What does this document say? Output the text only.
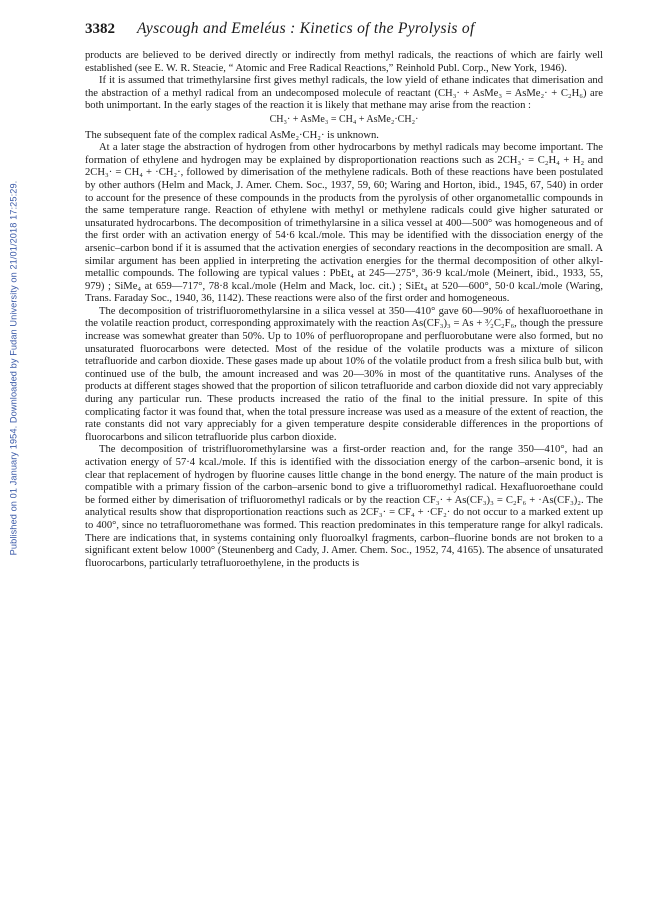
Published on 01 January 1954. Downloaded by Fudan University on 21/01/2018 17:25:29.
3382 Ayscough and Emeléus : Kinetics of the Pyrolysis of

products are believed to be derived directly or indirectly from methyl radicals, the reactions of which are fairly well established (see E. W. R. Steacie, “ Atomic and Free Radical Reactions,” Reinhold Publ. Corp., New York, 1946).

If it is assumed that trimethylarsine first gives methyl radicals, the low yield of ethane indicates that dimerisation and the abstraction of a methyl radical from an undecomposed molecule of reactant (CH₃· + AsMe₃ = AsMe₂· + C₂H₆) are both unimportant. In the early stages of the reaction it is likely that methane may arise from the reaction :

CH₃· + AsMe₃ = CH₄ + AsMe₂·CH₂·

The subsequent fate of the complex radical AsMe₂·CH₂· is unknown.

At a later stage the abstraction of hydrogen from other hydrocarbons by methyl radicals may become important. The formation of ethylene and hydrogen may be explained by disproportionation reactions such as 2CH₃· = C₂H₄ + H₂ and 2CH₃· = CH₄ + ·CH₂·, followed by dimerisation of the methylene radicals. Both of these reactions have been postulated by other authors (Helm and Mack, J. Amer. Chem. Soc., 1937, 59, 60; Waring and Horton, ibid., 1945, 67, 540) in order to account for the presence of these compounds in the products from the pyrolysis of other organometallic compounds in the same temperature range. Reaction of ethylene with methyl or methylene radicals could give higher saturated or unsaturated hydrocarbons. The decomposition of trimethylarsine in a silica vessel at 400—500° was homogeneous and of the first order with an activation energy of 54·6 kcal./mole. This may be identified with the dissociation energy of the arsenic–carbon bond if it is assumed that the activation energies of secondary reactions in the decomposition are small. A similar argument has been applied in interpreting the activation energies for the thermal decomposition of other alkyl-metallic compounds. The following are typical values : PbEt₄ at 245—275°, 36·9 kcal./mole (Meinert, ibid., 1933, 55, 979) ; SiMe₄ at 659—717°, 78·8 kcal./mole (Helm and Mack, loc. cit.) ; SiEt₄ at 520—600°, 50·0 kcal./mole (Waring, Trans. Faraday Soc., 1940, 36, 1142). These reactions were also of the first order and homogeneous.

The decomposition of tristrifluoromethylarsine in a silica vessel at 350—410° gave 60—90% of hexafluoroethane in the volatile reaction product, corresponding approximately with the reaction As(CF₃)₃ = As + ³⁄₂C₂F₆, though the pressure increase was somewhat greater than 50%. Up to 10% of perfluoropropane and perfluorobutane were also formed, but no unsaturated fluorocarbons were detected. Most of the residue of the volatile products was a mixture of silicon tetrafluoride and carbon dioxide. These gases made up about 10% of the volatile product from a fresh silica bulb but, with continued use of the bulb, the amount increased and was 20—30% in most of the quantitative runs. Analyses of the products at different stages showed that the proportion of silicon tetrafluoride and carbon dioxide did not vary appreciably during any particular run. These products increased the ratio of the final to the initial pressure. In spite of this complicating factor it was found that, when the total pressure increase was used as a measure of the extent of reaction, the rate constants did not vary appreciably for a given temperature despite considerable differences in the proportions of fluorocarbons and silicon tetrafluoride plus carbon dioxide.

The decomposition of tristrifluoromethylarsine was a first-order reaction and, for the range 350—410°, had an activation energy of 57·4 kcal./mole. If this is identified with the dissociation energy of the carbon–arsenic bond, it is clear that replacement of hydrogen by fluorine causes little change in the bond energy. The nature of the main product is compatible with a primary fission of the carbon–arsenic bond to give a trifluoromethyl radical. Hexafluoroethane could be formed either by dimerisation of trifluoromethyl radicals or by the reaction CF₃· + As(CF₃)₃ = C₂F₆ + ·As(CF₃)₂. The analytical results show that disproportionation reactions such as 2CF₃· = CF₄ + ·CF₂· do not occur to a marked extent up to 400°, since no tetrafluoromethane was formed. This reaction predominates in this temperature range for alkyl radicals. There are indications that, in systems containing only fluoroalkyl fragments, carbon–fluorine bonds are not broken to a significant extent below 1000° (Steunenberg and Cady, J. Amer. Chem. Soc., 1952, 74, 4165). The absence of unsaturated fluorocarbons, particularly tetrafluoroethylene, in the products is
